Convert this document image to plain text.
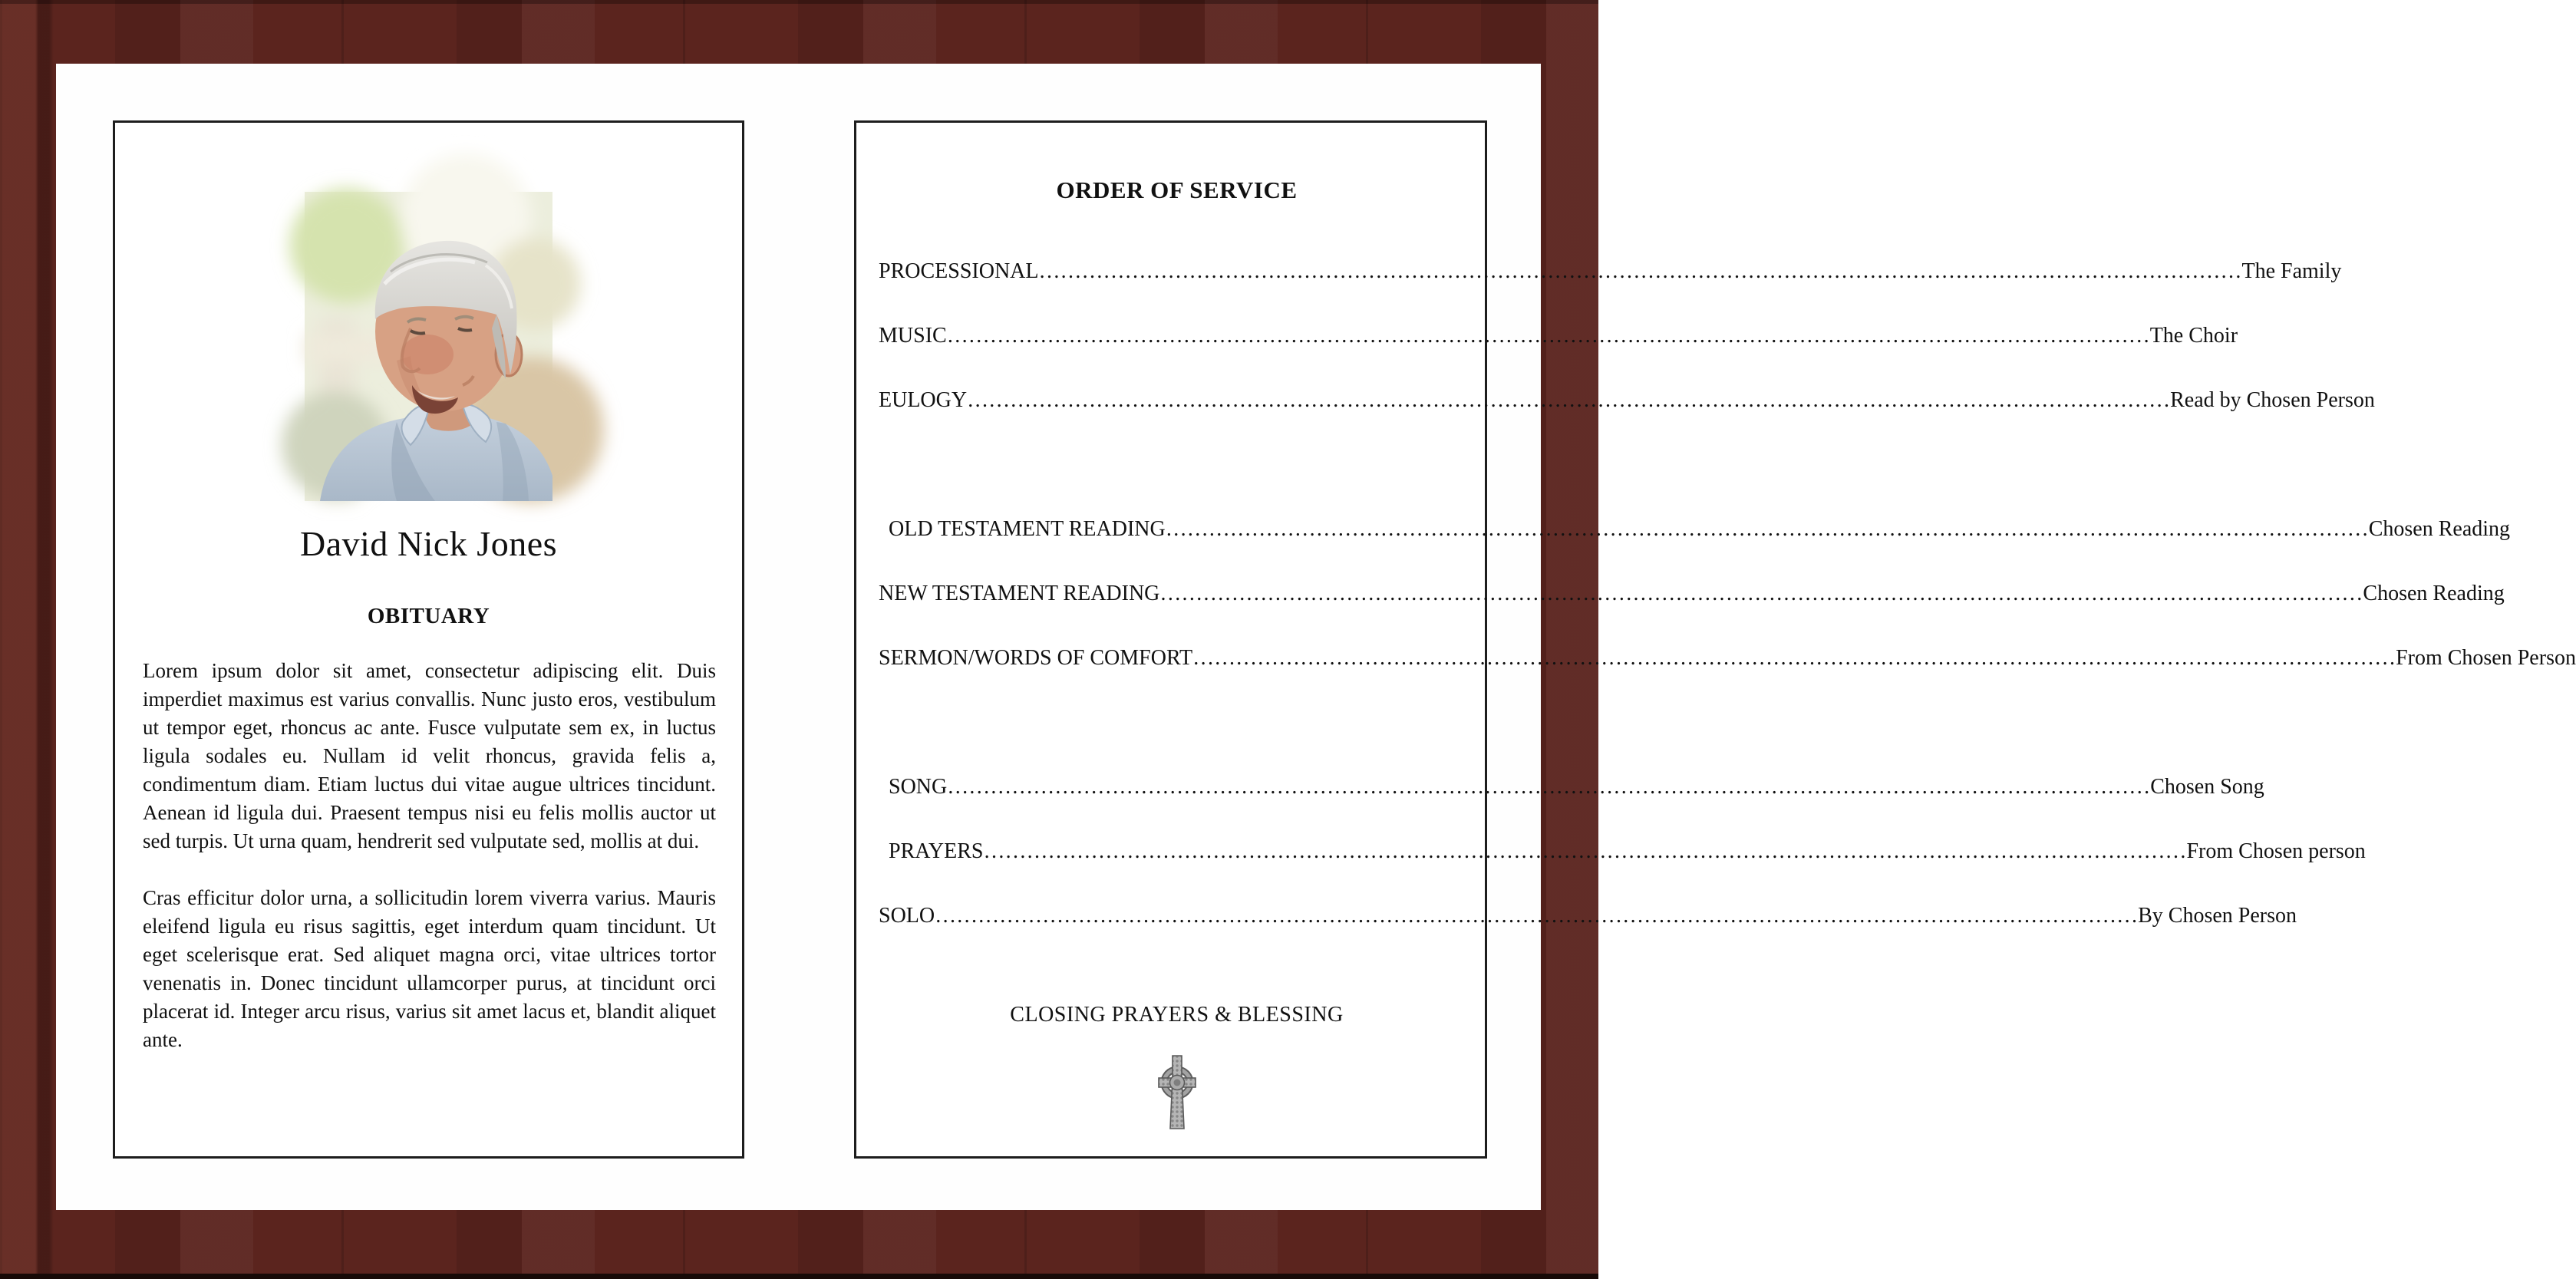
David Nick Jones
OBITUARY

Lorem ipsum dolor sit amet, consectetur adipiscing elit. Duis imperdiet maximus est varius convallis. Nunc justo eros, vestibulum ut tempor eget, rhoncus ac ante. Fusce vulputate sem ex, in luctus ligula sodales eu. Nullam id velit rhoncus, gravida felis a, condimentum diam. Etiam luctus dui vitae augue ultrices tincidunt. Aenean id ligula dui. Praesent tempus nisi eu felis mollis auctor ut sed turpis. Ut urna quam, hendrerit sed vulputate sed, mollis at dui.

Cras efficitur dolor urna, a sollicitudin lorem viverra varius. Mauris eleifend ligula eu risus sagittis, eget interdum quam tincidunt. Ut eget scelerisque erat. Sed aliquet magna orci, vitae ultrices tortor venenatis in. Donec tincidunt ullamcorper purus, at tincidunt orci placerat id. Integer arcu risus, varius sit amet lacus et, blandit aliquet ante.

ORDER OF SERVICE
PROCESSIONAL …………………………………………………………………………………………………………………………………………………… The Family
MUSIC …………………………………………………………………………………………………………………………………………………… The Choir
EULOGY …………………………………………………………………………………………………………………………………………………… Read by Chosen Person
OLD TESTAMENT READING …………………………………………………………………………………………………………………………………………………… Chosen Reading
NEW TESTAMENT READING …………………………………………………………………………………………………………………………………………………… Chosen Reading
SERMON/WORDS OF COMFORT …………………………………………………………………………………………………………………………………………………… From Chosen Person
SONG …………………………………………………………………………………………………………………………………………………… Chosen Song
PRAYERS …………………………………………………………………………………………………………………………………………………… From Chosen person
SOLO …………………………………………………………………………………………………………………………………………………… By Chosen Person
CLOSING PRAYERS & BLESSING
